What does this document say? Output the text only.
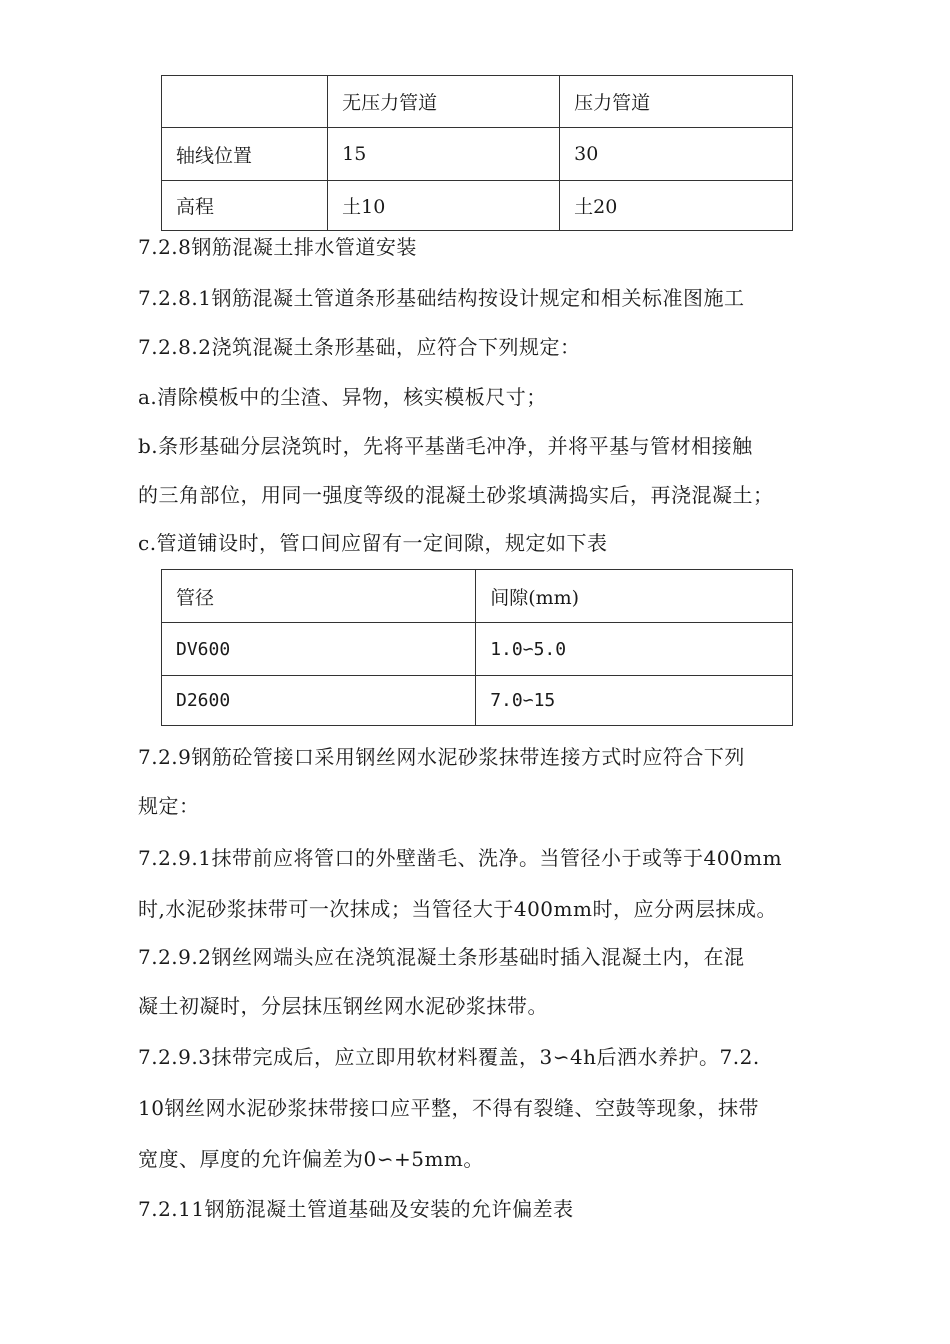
	无压力管道	压力管道
轴线位置	15	30
高程	土10	土20
7.2.8钢筋混凝土排水管道安装
7.2.8.1钢筋混凝土管道条形基础结构按设计规定和相关标准图施工
7.2.8.2浇筑混凝土条形基础，应符合下列规定：
a.清除模板中的尘渣、异物，核实模板尺寸；
b.条形基础分层浇筑时，先将平基凿毛冲净，并将平基与管材相接触
的三角部位，用同一强度等级的混凝土砂浆填满捣实后，再浇混凝土；
c.管道铺设时，管口间应留有一定间隙，规定如下表
管径	间隙(mm)
DV600	1.0∽5.0
D2600	7.0∽15
7.2.9钢筋砼管接口采用钢丝网水泥砂浆抹带连接方式时应符合下列
规定：
7.2.9.1抹带前应将管口的外壁凿毛、洗净。当管径小于或等于400mm
时,水泥砂浆抹带可一次抹成；当管径大于400mm时，应分两层抹成。
7.2.9.2钢丝网端头应在浇筑混凝土条形基础时插入混凝土内，在混
凝土初凝时，分层抹压钢丝网水泥砂浆抹带。
7.2.9.3抹带完成后，应立即用软材料覆盖，3∽4h后洒水养护。7.2.
10钢丝网水泥砂浆抹带接口应平整，不得有裂缝、空鼓等现象，抹带
宽度、厚度的允许偏差为0∽+5mm。
7.2.11钢筋混凝土管道基础及安装的允许偏差表
